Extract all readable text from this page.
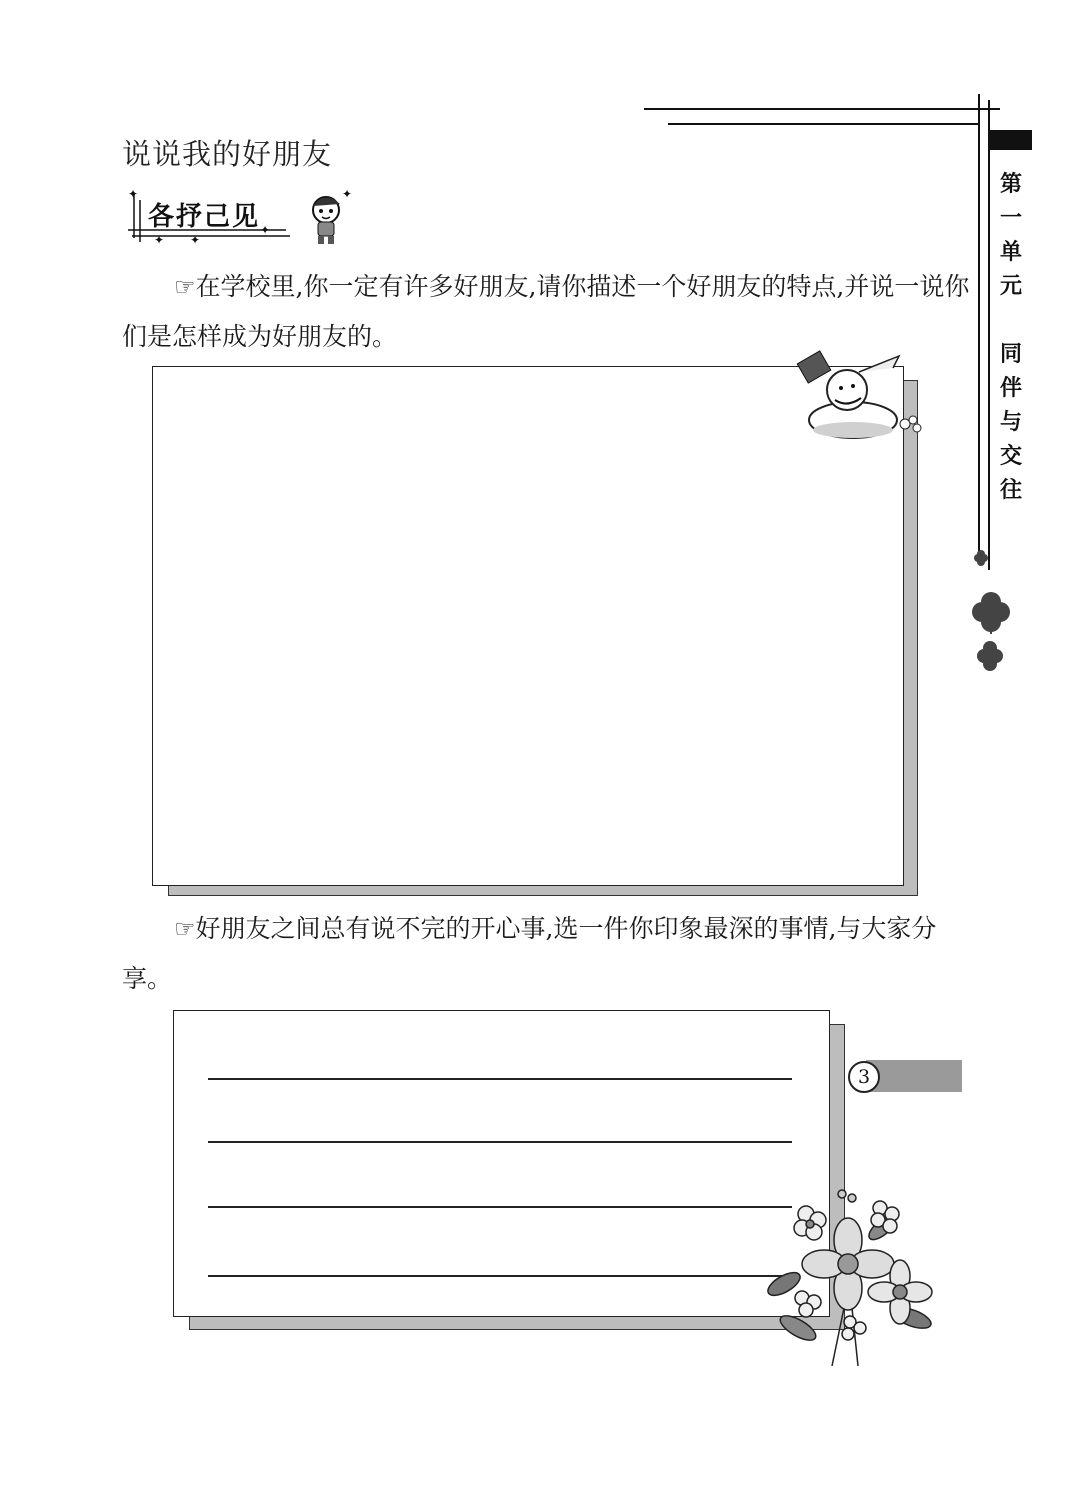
第
一
单
元

同
伴
与
交
往
说说我的好朋友
✦
✦ ✦
✦
各抒己见
✦
☞在学校里,你一定有许多好朋友,请你描述一个好朋友的特点,并说一说你们是怎样成为好朋友的。
☞好朋友之间总有说不完的开心事,选一件你印象最深的事情,与大家分享。
3
